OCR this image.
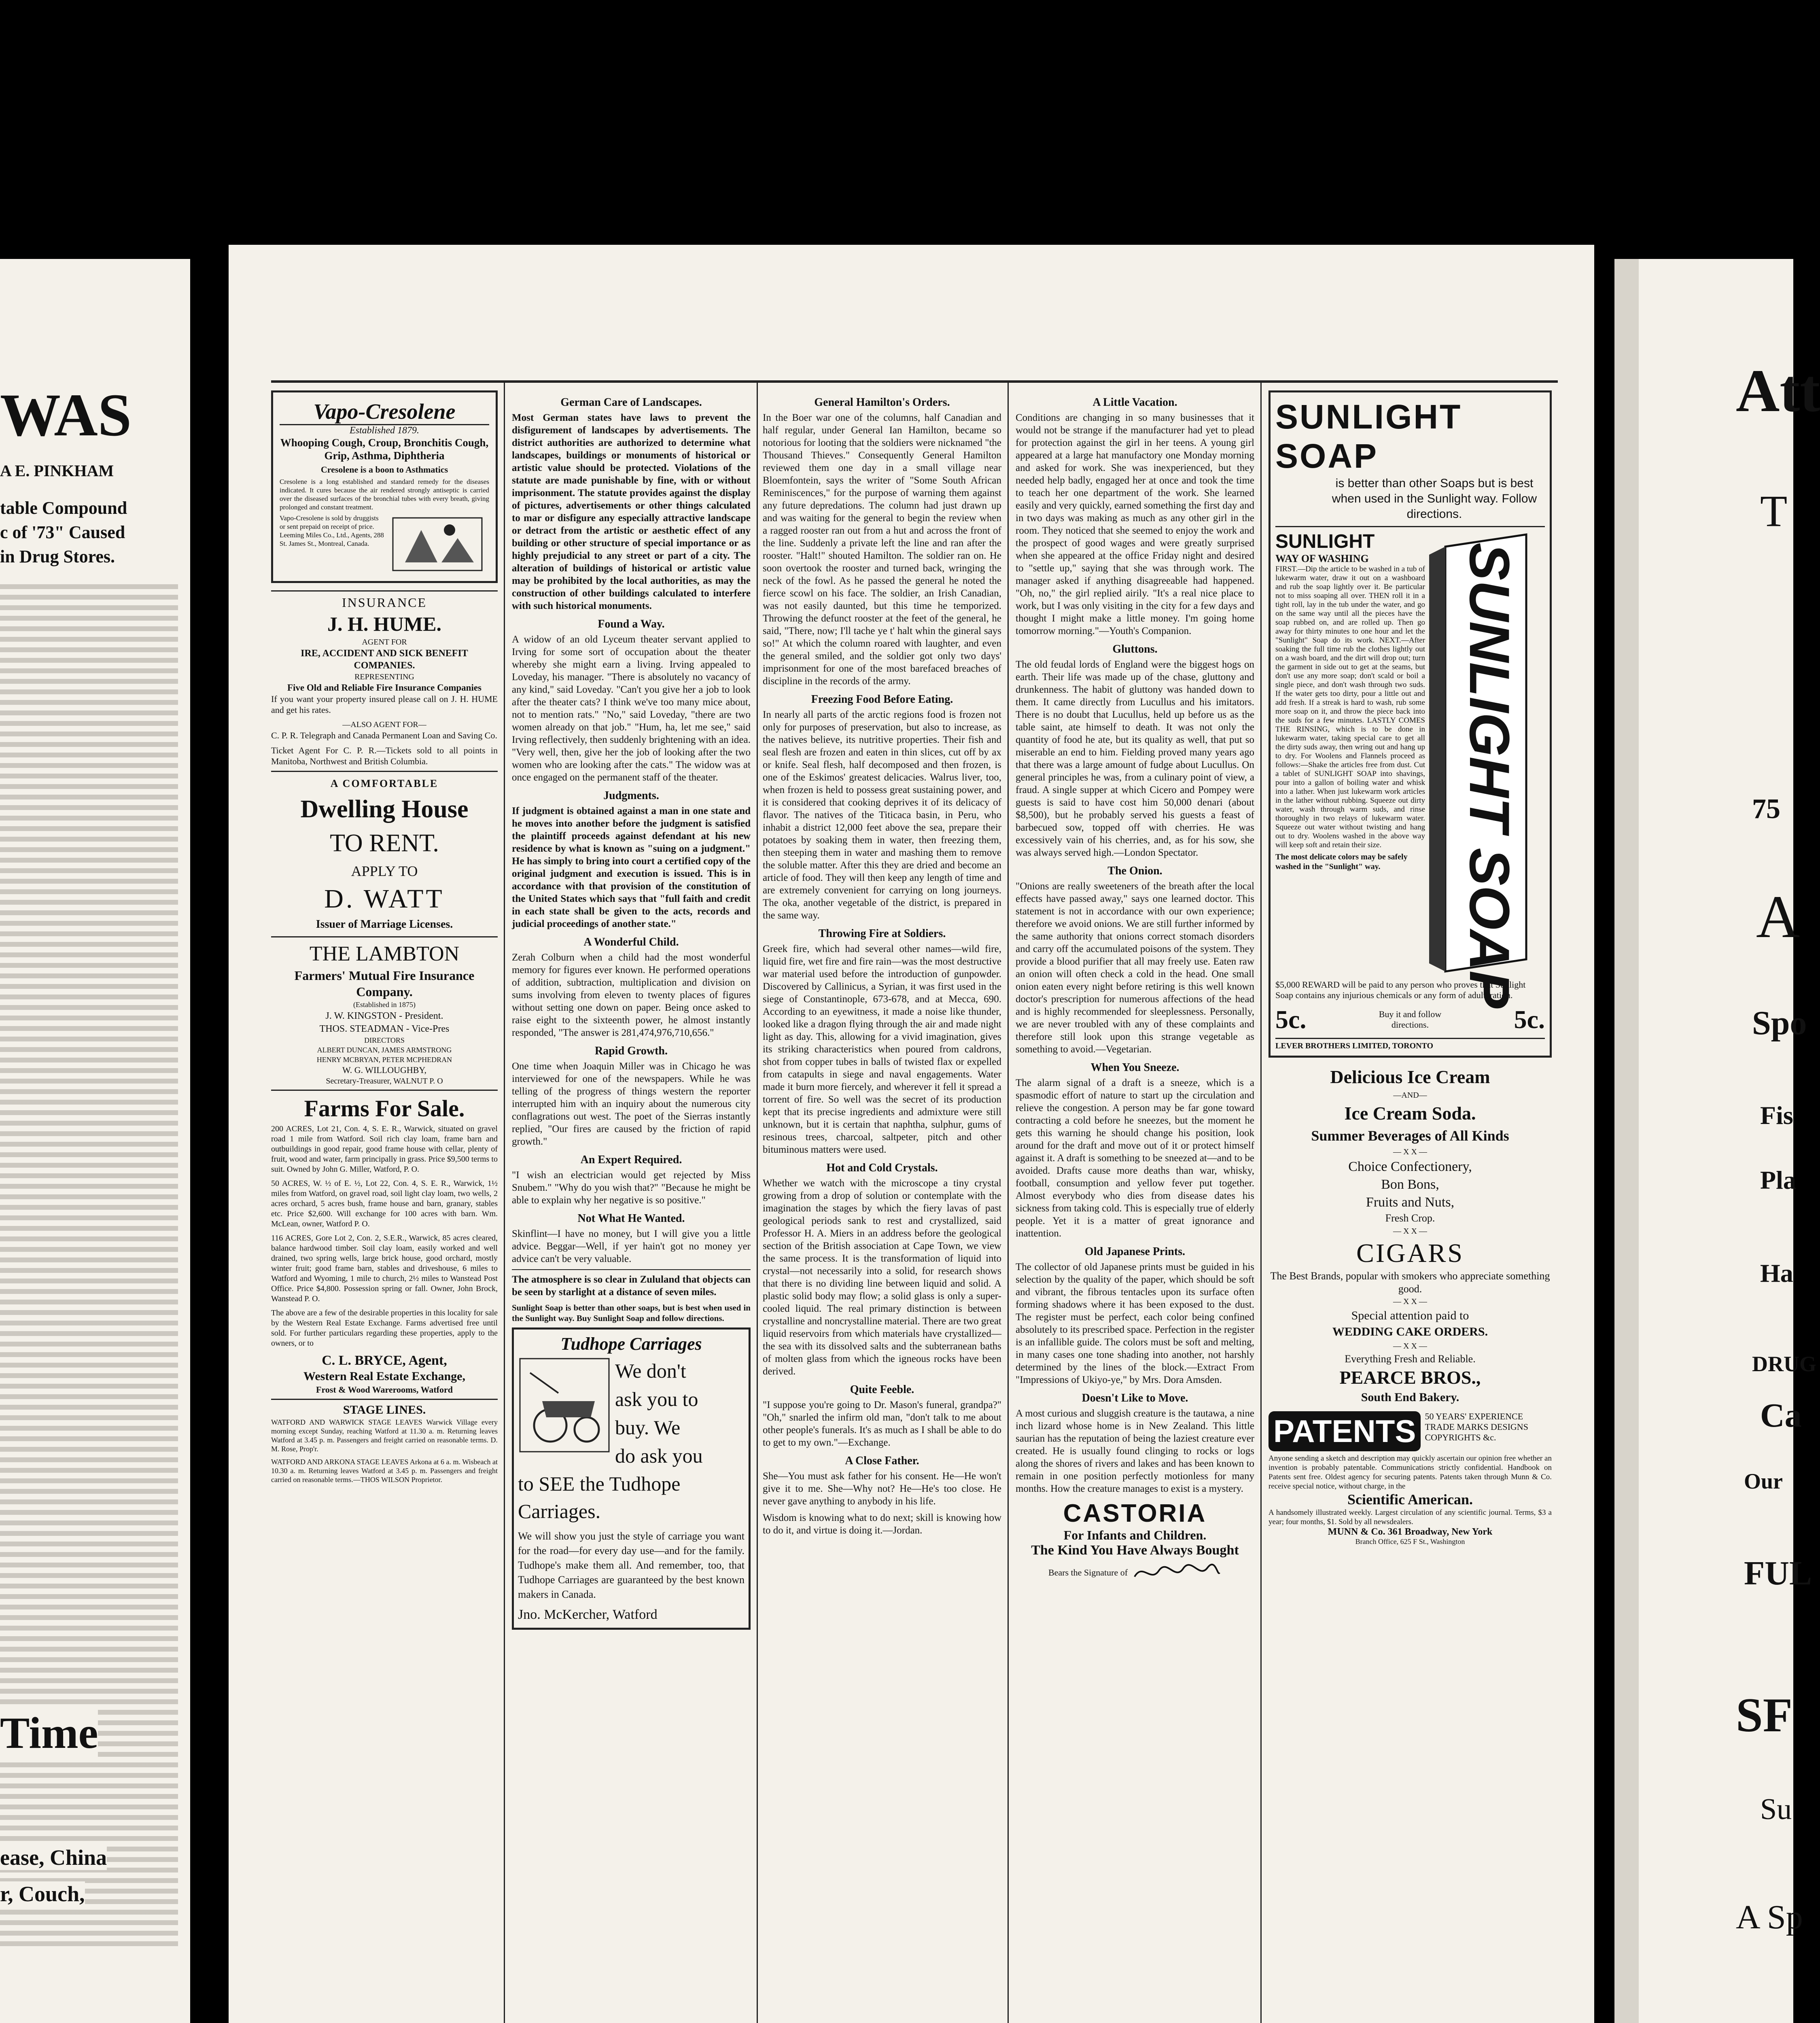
WAS
A E. PINKHAM
table Compound
c of '73" Caused
in Drug Stores.
Time
ease, China
r, Couch,
Vapo-Cresolene
Established 1879.
Whooping Cough, Croup, Bronchitis Cough, Grip, Asthma, Diphtheria
Cresolene is a boon to Asthmatics
Cresolene is a long established and standard remedy for the diseases indicated. It cures because the air rendered strongly antiseptic is carried over the diseased surfaces of the bronchial tubes with every breath, giving prolonged and constant treatment.
Vapo-Cresolene is sold by druggists or sent prepaid on receipt of price. Leeming Miles Co., Ltd., Agents, 288 St. James St., Montreal, Canada.
INSURANCE
J. H. HUME.
AGENT FOR
IRE, ACCIDENT AND SICK BENEFIT COMPANIES.
REPRESENTING
Five Old and Reliable Fire Insurance Companies
If you want your property insured please call on J. H. HUME and get his rates.
—ALSO AGENT FOR—
C. P. R. Telegraph and Canada Permanent Loan and Saving Co.
Ticket Agent For C. P. R.—Tickets sold to all points in Manitoba, Northwest and British Columbia.
A COMFORTABLE
Dwelling House
TO RENT.
APPLY TO
D. WATT
Issuer of Marriage Licenses.
THE LAMBTON
Farmers' Mutual Fire Insurance Company.
(Established in 1875)
J. W. KINGSTON - President.
THOS. STEADMAN - Vice-Pres
DIRECTORS
ALBERT DUNCAN, JAMES ARMSTRONG
HENRY MCBRYAN, PETER MCPHEDRAN
W. G. WILLOUGHBY,
Secretary-Treasurer, WALNUT P. O
Farms For Sale.
200 ACRES, Lot 21, Con. 4, S. E. R., Warwick, situated on gravel road 1 mile from Watford. Soil rich clay loam, frame barn and outbuildings in good repair, good frame house with cellar, plenty of fruit, wood and water, farm principally in grass. Price $9,500 terms to suit. Owned by John G. Miller, Watford, P. O.
50 ACRES, W. ½ of E. ½, Lot 22, Con. 4, S. E. R., Warwick, 1½ miles from Watford, on gravel road, soil light clay loam, two wells, 2 acres orchard, 5 acres bush, frame house and barn, granary, stables etc. Price $2,600. Will exchange for 100 acres with barn. Wm. McLean, owner, Watford P. O.
116 ACRES, Gore Lot 2, Con. 2, S.E.R., Warwick, 85 acres cleared, balance hardwood timber. Soil clay loam, easily worked and well drained, two spring wells, large brick house, good orchard, mostly winter fruit; good frame barn, stables and driveshouse, 6 miles to Watford and Wyoming, 1 mile to church, 2½ miles to Wanstead Post Office. Price $4,800. Possession spring or fall. Owner, John Brock, Wanstead P. O.
The above are a few of the desirable properties in this locality for sale by the Western Real Estate Exchange. Farms advertised free until sold. For further particulars regarding these properties, apply to the owners, or to
C. L. BRYCE, Agent,
Western Real Estate Exchange,
Frost & Wood Warerooms, Watford
STAGE LINES.
WATFORD AND WARWICK STAGE LEAVES Warwick Village every morning except Sunday, reaching Watford at 11.30 a. m. Returning leaves Watford at 3.45 p. m. Passengers and freight carried on reasonable terms. D. M. Rose, Prop'r.
WATFORD AND ARKONA STAGE LEAVES Arkona at 6 a. m. Wisbeach at 10.30 a. m. Returning leaves Watford at 3.45 p. m. Passengers and freight carried on reasonable terms.—THOS WILSON Proprietor.
German Care of Landscapes.
Most German states have laws to prevent the disfigurement of landscapes by advertisements. The district authorities are authorized to determine what landscapes, buildings or monuments of historical or artistic value should be protected. Violations of the statute are made punishable by fine, with or without imprisonment. The statute provides against the display of pictures, advertisements or other things calculated to mar or disfigure any especially attractive landscape or detract from the artistic or aesthetic effect of any building or other structure of special importance or as highly prejudicial to any street or part of a city. The alteration of buildings of historical or artistic value may be prohibited by the local authorities, as may the construction of other buildings calculated to interfere with such historical monuments.
Found a Way.
A widow of an old Lyceum theater servant applied to Irving for some sort of occupation about the theater whereby she might earn a living. Irving appealed to Loveday, his manager. "There is absolutely no vacancy of any kind," said Loveday. "Can't you give her a job to look after the theater cats? I think we've too many mice about, not to mention rats." "No," said Loveday, "there are two women already on that job." "Hum, ha, let me see," said Irving reflectively, then suddenly brightening with an idea. "Very well, then, give her the job of looking after the two women who are looking after the cats." The widow was at once engaged on the permanent staff of the theater.
Judgments.
If judgment is obtained against a man in one state and he moves into another before the judgment is satisfied the plaintiff proceeds against defendant at his new residence by what is known as "suing on a judgment." He has simply to bring into court a certified copy of the original judgment and execution is issued. This is in accordance with that provision of the constitution of the United States which says that "full faith and credit in each state shall be given to the acts, records and judicial proceedings of another state."
A Wonderful Child.
Zerah Colburn when a child had the most wonderful memory for figures ever known. He performed operations of addition, subtraction, multiplication and division on sums involving from eleven to twenty places of figures without setting one down on paper. Being once asked to raise eight to the sixteenth power, he almost instantly responded, "The answer is 281,474,976,710,656."
Rapid Growth.
One time when Joaquin Miller was in Chicago he was interviewed for one of the newspapers. While he was telling of the progress of things western the reporter interrupted him with an inquiry about the numerous city conflagrations out west. The poet of the Sierras instantly replied, "Our fires are caused by the friction of rapid growth."
An Expert Required.
"I wish an electrician would get rejected by Miss Snubem." "Why do you wish that?" "Because he might be able to explain why her negative is so positive."
Not What He Wanted.
Skinflint—I have no money, but I will give you a little advice. Beggar—Well, if yer hain't got no money yer advice can't be very valuable.
The atmosphere is so clear in Zululand that objects can be seen by starlight at a distance of seven miles.
Sunlight Soap is better than other soaps, but is best when used in the Sunlight way. Buy Sunlight Soap and follow directions.
Tudhope Carriages
We don't
ask you to
buy. We
do ask you
to SEE the Tudhope
Carriages.
We will show you just the style of carriage you want for the road—for every day use—and for the family. Tudhope's make them all. And remember, too, that Tudhope Carriages are guaranteed by the best known makers in Canada.
Jno. McKercher, Watford
General Hamilton's Orders.
In the Boer war one of the columns, half Canadian and half regular, under General Ian Hamilton, became so notorious for looting that the soldiers were nicknamed "the Thousand Thieves." Consequently General Hamilton reviewed them one day in a small village near Bloemfontein, says the writer of "Some South African Reminiscences," for the purpose of warning them against any future depredations. The column had just drawn up and was waiting for the general to begin the review when a ragged rooster ran out from a hut and across the front of the line. Suddenly a private left the line and ran after the rooster. "Halt!" shouted Hamilton. The soldier ran on. He soon overtook the rooster and turned back, wringing the neck of the fowl. As he passed the general he noted the fierce scowl on his face. The soldier, an Irish Canadian, was not easily daunted, but this time he temporized. Throwing the defunct rooster at the feet of the general, he said, "There, now; I'll tache ye t' halt whin the gineral says so!" At which the column roared with laughter, and even the general smiled, and the soldier got only two days' imprisonment for one of the most barefaced breaches of discipline in the records of the army.
Freezing Food Before Eating.
In nearly all parts of the arctic regions food is frozen not only for purposes of preservation, but also to increase, as the natives believe, its nutritive properties. Their fish and seal flesh are frozen and eaten in thin slices, cut off by ax or knife. Seal flesh, half decomposed and then frozen, is one of the Eskimos' greatest delicacies. Walrus liver, too, when frozen is held to possess great sustaining power, and it is considered that cooking deprives it of its delicacy of flavor. The natives of the Titicaca basin, in Peru, who inhabit a district 12,000 feet above the sea, prepare their potatoes by soaking them in water, then freezing them, then steeping them in water and mashing them to remove the soluble matter. After this they are dried and become an article of food. They will then keep any length of time and are extremely convenient for carrying on long journeys. The oka, another vegetable of the district, is prepared in the same way.
Throwing Fire at Soldiers.
Greek fire, which had several other names—wild fire, liquid fire, wet fire and fire rain—was the most destructive war material used before the introduction of gunpowder. Discovered by Callinicus, a Syrian, it was first used in the siege of Constantinople, 673-678, and at Mecca, 690. According to an eyewitness, it made a noise like thunder, looked like a dragon flying through the air and made night light as day. This, allowing for a vivid imagination, gives its striking characteristics when poured from caldrons, shot from copper tubes in balls of twisted flax or expelled from catapults in siege and naval engagements. Water made it burn more fiercely, and wherever it fell it spread a torrent of fire. So well was the secret of its production kept that its precise ingredients and admixture were still unknown, but it is certain that naphtha, sulphur, gums of resinous trees, charcoal, saltpeter, pitch and other bituminous matters were used.
Hot and Cold Crystals.
Whether we watch with the microscope a tiny crystal growing from a drop of solution or contemplate with the imagination the stages by which the fiery lavas of past geological periods sank to rest and crystallized, said Professor H. A. Miers in an address before the geological section of the British association at Cape Town, we view the same process. It is the transformation of liquid into crystal—not necessarily into a solid, for research shows that there is no dividing line between liquid and solid. A plastic solid body may flow; a solid glass is only a super-cooled liquid. The real primary distinction is between crystalline and noncrystalline material. There are two great liquid reservoirs from which materials have crystallized—the sea with its dissolved salts and the subterranean baths of molten glass from which the igneous rocks have been derived.
Quite Feeble.
"I suppose you're going to Dr. Mason's funeral, grandpa?" "Oh," snarled the infirm old man, "don't talk to me about other people's funerals. It's as much as I shall be able to do to get to my own."—Exchange.
A Close Father.
She—You must ask father for his consent. He—He won't give it to me. She—Why not? He—He's too close. He never gave anything to anybody in his life.
Wisdom is knowing what to do next; skill is knowing how to do it, and virtue is doing it.—Jordan.
A Little Vacation.
Conditions are changing in so many businesses that it would not be strange if the manufacturer had yet to plead for protection against the girl in her teens. A young girl appeared at a large hat manufactory one Monday morning and asked for work. She was inexperienced, but they needed help badly, engaged her at once and took the time to teach her one department of the work. She learned easily and very quickly, earned something the first day and in two days was making as much as any other girl in the room. They noticed that she seemed to enjoy the work and the prospect of good wages and were greatly surprised when she appeared at the office Friday night and desired to "settle up," saying that she was through work. The manager asked if anything disagreeable had happened. "Oh, no," the girl replied airily. "It's a real nice place to work, but I was only visiting in the city for a few days and thought I might make a little money. I'm going home tomorrow morning."—Youth's Companion.
Gluttons.
The old feudal lords of England were the biggest hogs on earth. Their life was made up of the chase, gluttony and drunkenness. The habit of gluttony was handed down to them. It came directly from Lucullus and his imitators. There is no doubt that Lucullus, held up before us as the table saint, ate himself to death. It was not only the quantity of food he ate, but its quality as well, that put so miserable an end to him. Fielding proved many years ago that there was a large amount of fudge about Lucullus. On general principles he was, from a culinary point of view, a fraud. A single supper at which Cicero and Pompey were guests is said to have cost him 50,000 denari (about $8,500), but he probably served his guests a feast of barbecued sow, topped off with cherries. He was excessively vain of his cherries, and, as for his sow, she was always served high.—London Spectator.
The Onion.
"Onions are really sweeteners of the breath after the local effects have passed away," says one learned doctor. This statement is not in accordance with our own experience; therefore we avoid onions. We are still further informed by the same authority that onions correct stomach disorders and carry off the accumulated poisons of the system. They provide a blood purifier that all may freely use. Eaten raw an onion will often check a cold in the head. One small onion eaten every night before retiring is this well known doctor's prescription for numerous affections of the head and is highly recommended for sleeplessness. Personally, we are never troubled with any of these complaints and therefore still look upon this strange vegetable as something to avoid.—Vegetarian.
When You Sneeze.
The alarm signal of a draft is a sneeze, which is a spasmodic effort of nature to start up the circulation and relieve the congestion. A person may be far gone toward contracting a cold before he sneezes, but the moment he gets this warning he should change his position, look around for the draft and move out of it or protect himself against it. A draft is something to be sneezed at—and to be avoided. Drafts cause more deaths than war, whisky, football, consumption and yellow fever put together. Almost everybody who dies from disease dates his sickness from taking cold. This is especially true of elderly people. Yet it is a matter of great ignorance and inattention.
Old Japanese Prints.
The collector of old Japanese prints must be guided in his selection by the quality of the paper, which should be soft and vibrant, the fibrous tentacles upon its surface often forming shadows where it has been exposed to the dust. The register must be perfect, each color being confined absolutely to its prescribed space. Perfection in the register is an infallible guide. The colors must be soft and melting, in many cases one tone shading into another, not harshly determined by the lines of the block.—Extract From "Impressions of Ukiyo-ye," by Mrs. Dora Amsden.
Doesn't Like to Move.
A most curious and sluggish creature is the tautawa, a nine inch lizard whose home is in New Zealand. This little saurian has the reputation of being the laziest creature ever created. He is usually found clinging to rocks or logs along the shores of rivers and lakes and has been known to remain in one position perfectly motionless for many months. How the creature manages to exist is a mystery.
CASTORIA
For Infants and Children.
The Kind You Have Always Bought
Bears the Signature of
SUNLIGHT
SOAP
is better than other Soaps but is best when used in the Sunlight way. Follow directions.
SUNLIGHT
WAY OF WASHING
FIRST.—Dip the article to be washed in a tub of lukewarm water, draw it out on a washboard and rub the soap lightly over it. Be particular not to miss soaping all over. THEN roll it in a tight roll, lay in the tub under the water, and go on the same way until all the pieces have the soap rubbed on, and are rolled up. Then go away for thirty minutes to one hour and let the "Sunlight" Soap do its work. NEXT.—After soaking the full time rub the clothes lightly out on a wash board, and the dirt will drop out; turn the garment in side out to get at the seams, but don't use any more soap; don't scald or boil a single piece, and don't wash through two suds. If the water gets too dirty, pour a little out and add fresh. If a streak is hard to wash, rub some more soap on it, and throw the piece back into the suds for a few minutes. LASTLY COMES THE RINSING, which is to be done in lukewarm water, taking special care to get all the dirty suds away, then wring out and hang up to dry. For Woolens and Flannels proceed as follows:—Shake the articles free from dust. Cut a tablet of SUNLIGHT SOAP into shavings, pour into a gallon of boiling water and whisk into a lather. When just lukewarm work articles in the lather without rubbing. Squeeze out dirty water, wash through warm suds, and rinse thoroughly in two relays of lukewarm water. Squeeze out water without twisting and hang out to dry. Woolens washed in the above way will keep soft and retain their size.
The most delicate colors may be safely washed in the "Sunlight" way.	SUNLIGHT SOAP
$5,000 REWARD will be paid to any person who proves that Sunlight Soap contains any injurious chemicals or any form of adulteration.
5c.	Buy it and follow directions.	5c.
LEVER BROTHERS LIMITED, TORONTO
Delicious Ice Cream
—AND—
Ice Cream Soda.
Summer Beverages of All Kinds
— X X —
Choice Confectionery,
Bon Bons,
Fruits and Nuts,
Fresh Crop.
— X X —
CIGARS
The Best Brands, popular with smokers who appreciate something good.
— X X —
Special attention paid to
WEDDING CAKE ORDERS.
— X X —
Everything Fresh and Reliable.
PEARCE BROS.,
South End Bakery.
PATENTS	50 YEARS' EXPERIENCE
TRADE MARKS DESIGNS COPYRIGHTS &c.
Anyone sending a sketch and description may quickly ascertain our opinion free whether an invention is probably patentable. Communications strictly confidential. Handbook on Patents sent free. Oldest agency for securing patents. Patents taken through Munn & Co. receive special notice, without charge, in the
Scientific American.
A handsomely illustrated weekly. Largest circulation of any scientific journal. Terms, $3 a year; four months, $1. Sold by all newsdealers.
MUNN & Co. 361 Broadway, New York
Branch Office, 625 F St., Washington
Att
T
75
A
Spo
Fis
Pla
Ha
DRUG
Ca
Our
FUL
SF
Su
A Sp
